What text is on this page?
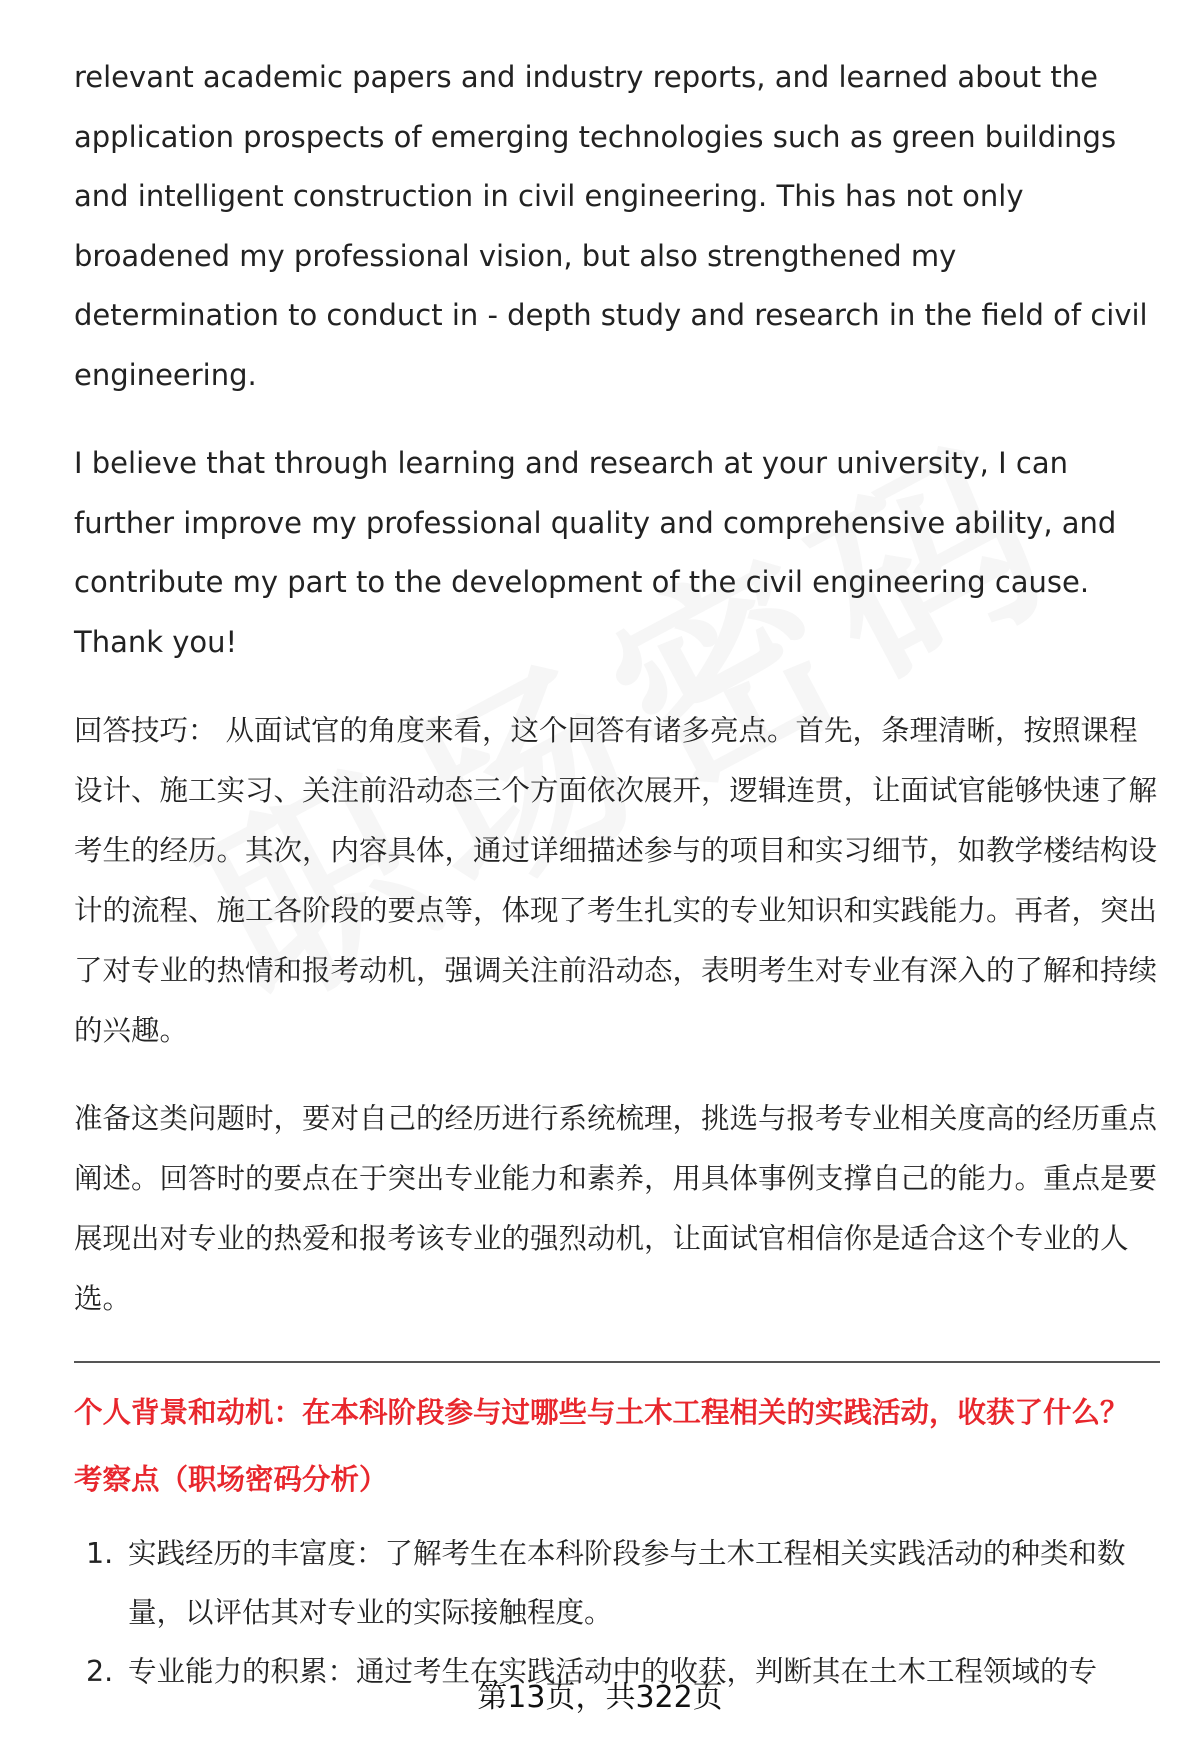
relevant academic papers and industry reports, and learned about the application prospects of emerging technologies such as green buildings and intelligent construction in civil engineering. This has not only broadened my professional vision, but also strengthened my determination to conduct in - depth study and research in the field of civil engineering.

I believe that through learning and research at your university, I can further improve my professional quality and comprehensive ability, and contribute my part to the development of the civil engineering cause. Thank you!

回答技巧： 从面试官的角度来看，这个回答有诸多亮点。首先，条理清晰，按照课程设计、施工实习、关注前沿动态三个方面依次展开，逻辑连贯，让面试官能够快速了解考生的经历。其次，内容具体，通过详细描述参与的项目和实习细节，如教学楼结构设计的流程、施工各阶段的要点等，体现了考生扎实的专业知识和实践能力。再者，突出了对专业的热情和报考动机，强调关注前沿动态，表明考生对专业有深入的了解和持续的兴趣。

准备这类问题时，要对自己的经历进行系统梳理，挑选与报考专业相关度高的经历重点阐述。回答时的要点在于突出专业能力和素养，用具体事例支撑自己的能力。重点是要展现出对专业的热爱和报考该专业的强烈动机，让面试官相信你是适合这个专业的人选。

个人背景和动机：在本科阶段参与过哪些与土木工程相关的实践活动，收获了什么？
考察点（职场密码分析）
1. 实践经历的丰富度：了解考生在本科阶段参与土木工程相关实践活动的种类和数量，以评估其对专业的实际接触程度。
2. 专业能力的积累：通过考生在实践活动中的收获，判断其在土木工程领域的专
第13页，共322页
